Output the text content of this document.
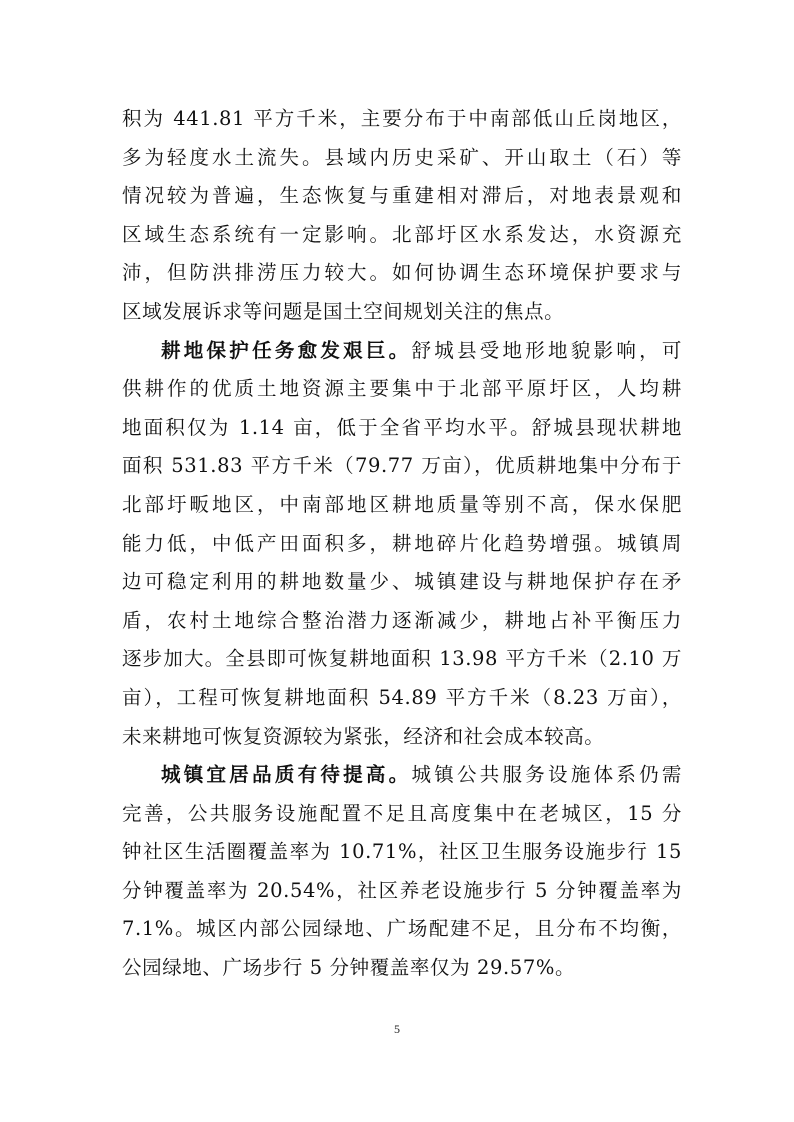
积为 441.81 平方千米，主要分布于中南部低山丘岗地区，
多为轻度水土流失。县域内历史采矿、开山取土（石）等
情况较为普遍，生态恢复与重建相对滞后，对地表景观和
区域生态系统有一定影响。北部圩区水系发达，水资源充
沛，但防洪排涝压力较大。如何协调生态环境保护要求与
区域发展诉求等问题是国土空间规划关注的焦点。
耕地保护任务愈发艰巨。舒城县受地形地貌影响，可
供耕作的优质土地资源主要集中于北部平原圩区，人均耕
地面积仅为 1.14 亩，低于全省平均水平。舒城县现状耕地
面积 531.83 平方千米（79.77 万亩），优质耕地集中分布于
北部圩畈地区，中南部地区耕地质量等别不高，保水保肥
能力低，中低产田面积多，耕地碎片化趋势增强。城镇周
边可稳定利用的耕地数量少、城镇建设与耕地保护存在矛
盾，农村土地综合整治潜力逐渐减少，耕地占补平衡压力
逐步加大。全县即可恢复耕地面积 13.98 平方千米（2.10 万
亩），工程可恢复耕地面积 54.89 平方千米（8.23 万亩），
未来耕地可恢复资源较为紧张，经济和社会成本较高。
城镇宜居品质有待提高。城镇公共服务设施体系仍需
完善，公共服务设施配置不足且高度集中在老城区，15 分
钟社区生活圈覆盖率为 10.71%，社区卫生服务设施步行 15
分钟覆盖率为 20.54%，社区养老设施步行 5 分钟覆盖率为
7.1%。城区内部公园绿地、广场配建不足，且分布不均衡，
公园绿地、广场步行 5 分钟覆盖率仅为 29.57%。
5
